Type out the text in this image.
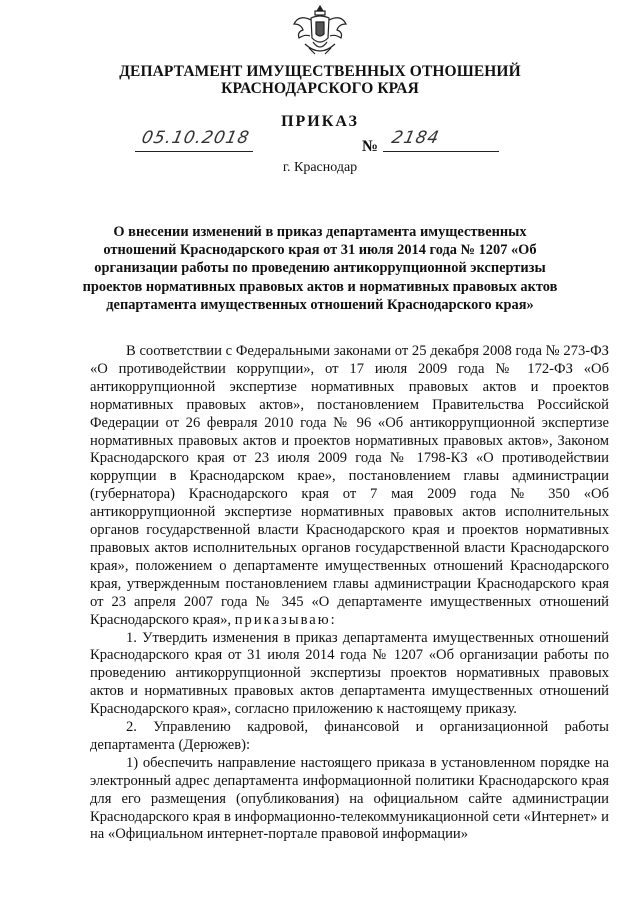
ДЕПАРТАМЕНТ ИМУЩЕСТВЕННЫХ ОТНОШЕНИЙ
КРАСНОДАРСКОГО КРАЯ
ПРИКАЗ
05.10.2018	№ 2184
г. Краснодар
О внесении изменений в приказ департамента имущественных отношений Краснодарского края от 31 июля 2014 года № 1207 «Об организации работы по проведению антикоррупционной экспертизы проектов нормативных правовых актов и нормативных правовых актов департамента имущественных отношений Краснодарского края»

В соответствии с Федеральными законами от 25 декабря 2008 года № 273-ФЗ «О противодействии коррупции», от 17 июля 2009 года № 172-ФЗ «Об антикоррупционной экспертизе нормативных правовых актов и проектов нормативных правовых актов», постановлением Правительства Российской Федерации от 26 февраля 2010 года № 96 «Об антикоррупционной экспертизе нормативных правовых актов и проектов нормативных правовых актов», Законом Краснодарского края от 23 июля 2009 года № 1798-КЗ «О противодействии коррупции в Краснодарском крае», постановлением главы администрации (губернатора) Краснодарского края от 7 мая 2009 года № 350 «Об антикоррупционной экспертизе нормативных правовых актов исполнительных органов государственной власти Краснодарского края и проектов нормативных правовых актов исполнительных органов государственной власти Краснодарского края», положением о департаменте имущественных отношений Краснодарского края, утвержденным постановлением главы администрации Краснодарского края от 23 апреля 2007 года № 345 «О департаменте имущественных отношений Краснодарского края», приказываю:

1. Утвердить изменения в приказ департамента имущественных отношений Краснодарского края от 31 июля 2014 года № 1207 «Об организации работы по проведению антикоррупционной экспертизы проектов нормативных правовых актов и нормативных правовых актов департамента имущественных отношений Краснодарского края», согласно приложению к настоящему приказу.

2. Управлению кадровой, финансовой и организационной работы департамента (Дерюжев):

1) обеспечить направление настоящего приказа в установленном порядке на электронный адрес департамента информационной политики Краснодарского края для его размещения (опубликования) на официальном сайте администрации Краснодарского края в информационно-телекоммуникационной сети «Интернет» и на «Официальном интернет-портале правовой информации»
